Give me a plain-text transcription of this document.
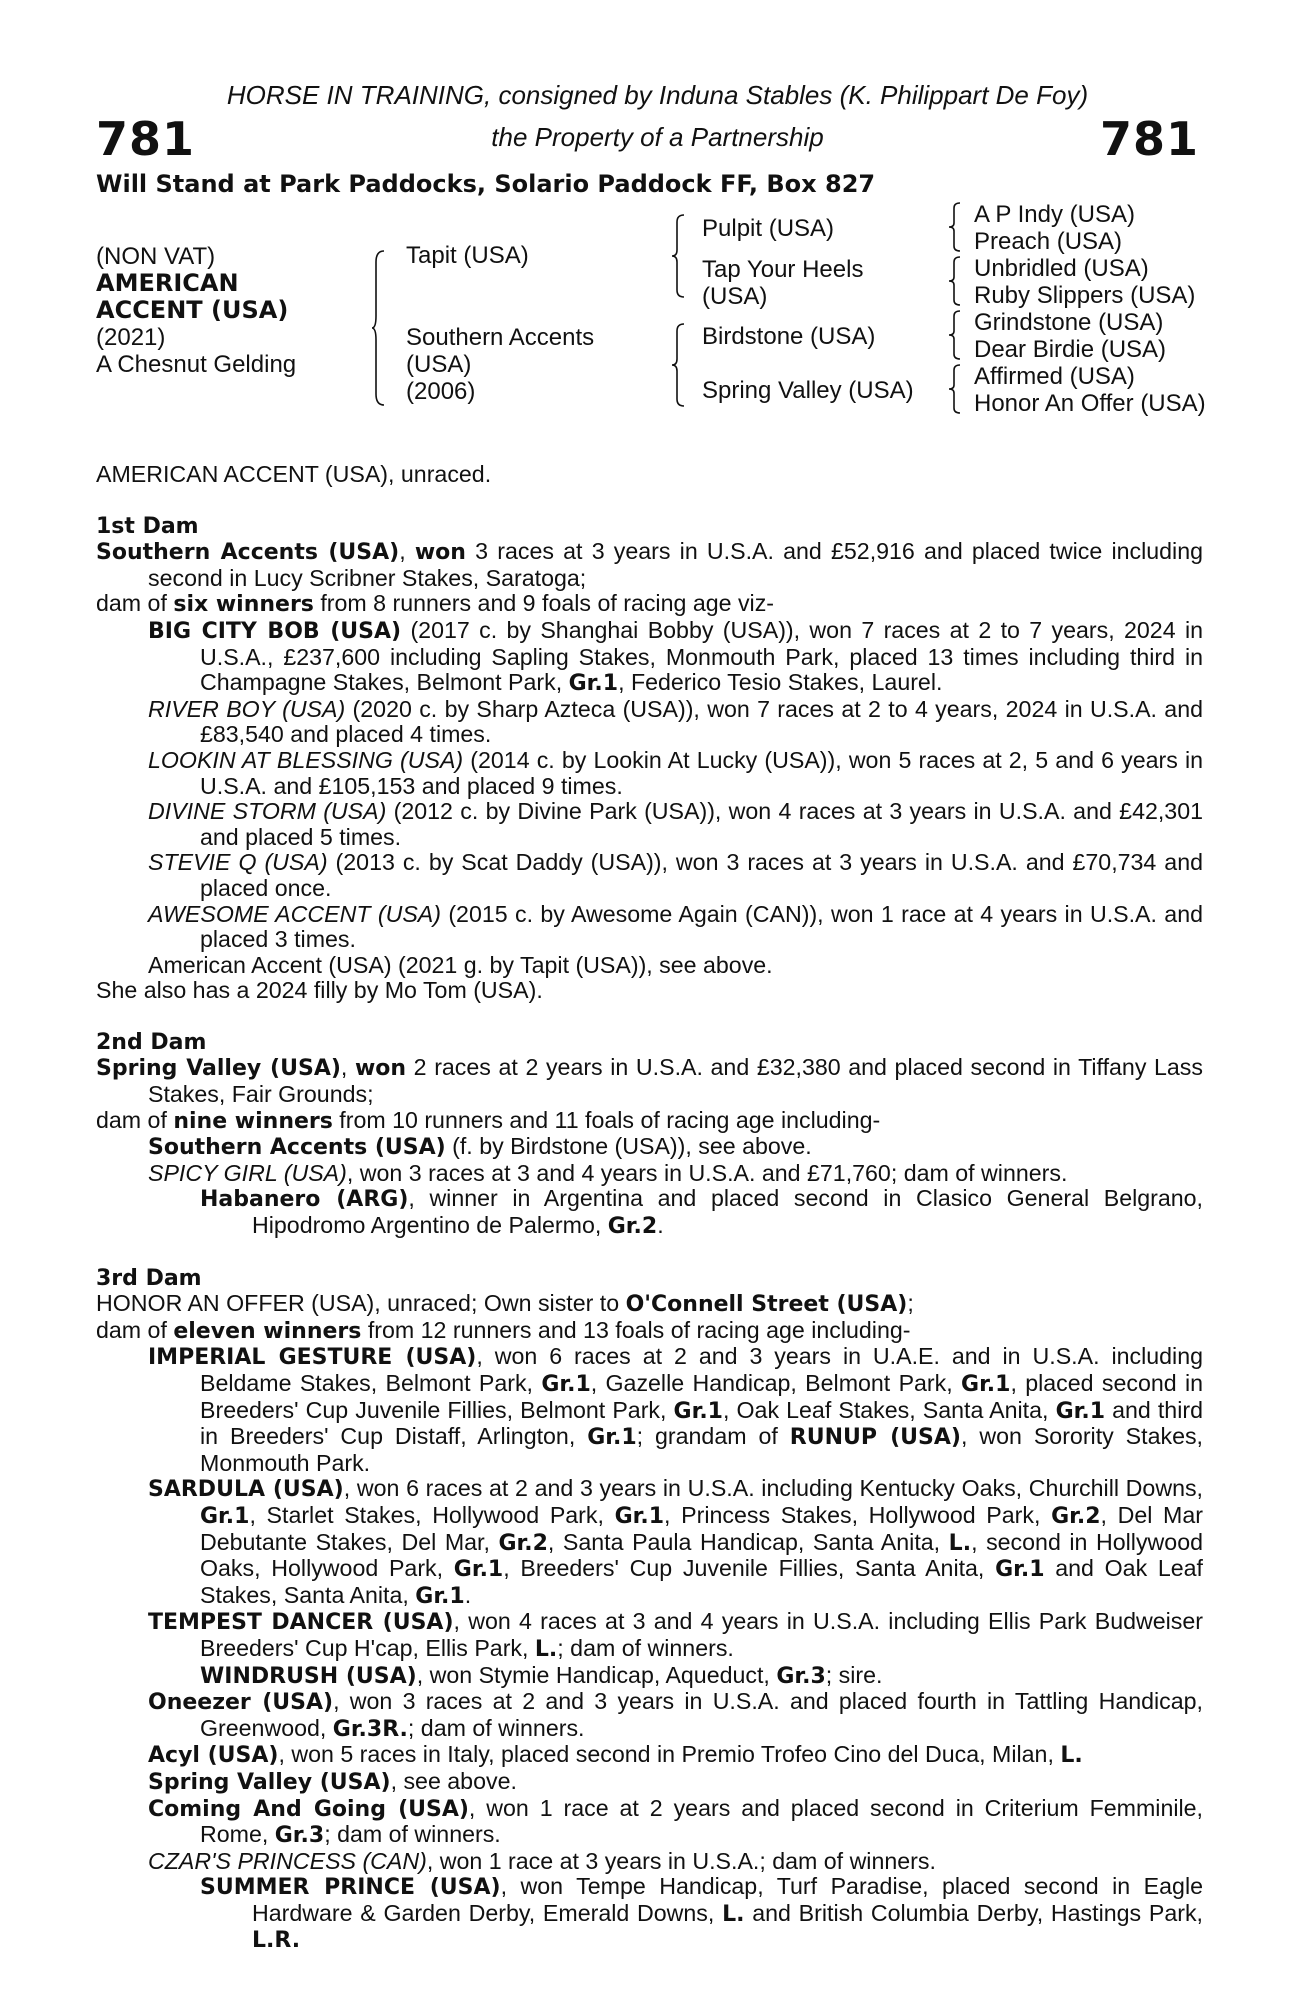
HORSE IN TRAINING, consigned by Induna Stables (K. Philippart De Foy)
781	the Property of a Partnership	781
Will Stand at Park Paddocks, Solario Paddock FF, Box 827
(NON VAT)
AMERICAN
ACCENT (USA)
(2021)
A Chesnut Gelding
Tapit (USA)
Southern Accents
(USA)
(2006)
Pulpit (USA)
Tap Your Heels
(USA)
Birdstone (USA)
Spring Valley (USA)
A P Indy (USA)
Preach (USA)
Unbridled (USA)
Ruby Slippers (USA)
Grindstone (USA)
Dear Birdie (USA)
Affirmed (USA)
Honor An Offer (USA)

AMERICAN ACCENT (USA), unraced.

1st Dam

Southern Accents (USA), won 3 races at 3 years in U.S.A. and £52,916 and placed twice including second in Lucy Scribner Stakes, Saratoga;

dam of six winners from 8 runners and 9 foals of racing age viz-

BIG CITY BOB (USA) (2017 c. by Shanghai Bobby (USA)), won 7 races at 2 to 7 years, 2024 in U.S.A., £237,600 including Sapling Stakes, Monmouth Park, placed 13 times including third in Champagne Stakes, Belmont Park, Gr.1, Federico Tesio Stakes, Laurel.

RIVER BOY (USA) (2020 c. by Sharp Azteca (USA)), won 7 races at 2 to 4 years, 2024 in U.S.A. and £83,540 and placed 4 times.

LOOKIN AT BLESSING (USA) (2014 c. by Lookin At Lucky (USA)), won 5 races at 2, 5 and 6 years in U.S.A. and £105,153 and placed 9 times.

DIVINE STORM (USA) (2012 c. by Divine Park (USA)), won 4 races at 3 years in U.S.A. and £42,301 and placed 5 times.

STEVIE Q (USA) (2013 c. by Scat Daddy (USA)), won 3 races at 3 years in U.S.A. and £70,734 and placed once.

AWESOME ACCENT (USA) (2015 c. by Awesome Again (CAN)), won 1 race at 4 years in U.S.A. and placed 3 times.

American Accent (USA) (2021 g. by Tapit (USA)), see above.

She also has a 2024 filly by Mo Tom (USA).

2nd Dam

Spring Valley (USA), won 2 races at 2 years in U.S.A. and £32,380 and placed second in Tiffany Lass Stakes, Fair Grounds;

dam of nine winners from 10 runners and 11 foals of racing age including-

Southern Accents (USA) (f. by Birdstone (USA)), see above.

SPICY GIRL (USA), won 3 races at 3 and 4 years in U.S.A. and £71,760; dam of winners.

Habanero (ARG), winner in Argentina and placed second in Clasico General Belgrano, Hipodromo Argentino de Palermo, Gr.2.

3rd Dam

HONOR AN OFFER (USA), unraced; Own sister to O'Connell Street (USA);

dam of eleven winners from 12 runners and 13 foals of racing age including-

IMPERIAL GESTURE (USA), won 6 races at 2 and 3 years in U.A.E. and in U.S.A. including Beldame Stakes, Belmont Park, Gr.1, Gazelle Handicap, Belmont Park, Gr.1, placed second in Breeders' Cup Juvenile Fillies, Belmont Park, Gr.1, Oak Leaf Stakes, Santa Anita, Gr.1 and third in Breeders' Cup Distaff, Arlington, Gr.1; grandam of RUNUP (USA), won Sorority Stakes, Monmouth Park.

SARDULA (USA), won 6 races at 2 and 3 years in U.S.A. including Kentucky Oaks, Churchill Downs, Gr.1, Starlet Stakes, Hollywood Park, Gr.1, Princess Stakes, Hollywood Park, Gr.2, Del Mar Debutante Stakes, Del Mar, Gr.2, Santa Paula Handicap, Santa Anita, L., second in Hollywood Oaks, Hollywood Park, Gr.1, Breeders' Cup Juvenile Fillies, Santa Anita, Gr.1 and Oak Leaf Stakes, Santa Anita, Gr.1.

TEMPEST DANCER (USA), won 4 races at 3 and 4 years in U.S.A. including Ellis Park Budweiser Breeders' Cup H'cap, Ellis Park, L.; dam of winners.

WINDRUSH (USA), won Stymie Handicap, Aqueduct, Gr.3; sire.

Oneezer (USA), won 3 races at 2 and 3 years in U.S.A. and placed fourth in Tattling Handicap, Greenwood, Gr.3R.; dam of winners.

Acyl (USA), won 5 races in Italy, placed second in Premio Trofeo Cino del Duca, Milan, L.

Spring Valley (USA), see above.

Coming And Going (USA), won 1 race at 2 years and placed second in Criterium Femminile, Rome, Gr.3; dam of winners.

CZAR'S PRINCESS (CAN), won 1 race at 3 years in U.S.A.; dam of winners.

SUMMER PRINCE (USA), won Tempe Handicap, Turf Paradise, placed second in Eagle Hardware & Garden Derby, Emerald Downs, L. and British Columbia Derby, Hastings Park, L.R.
